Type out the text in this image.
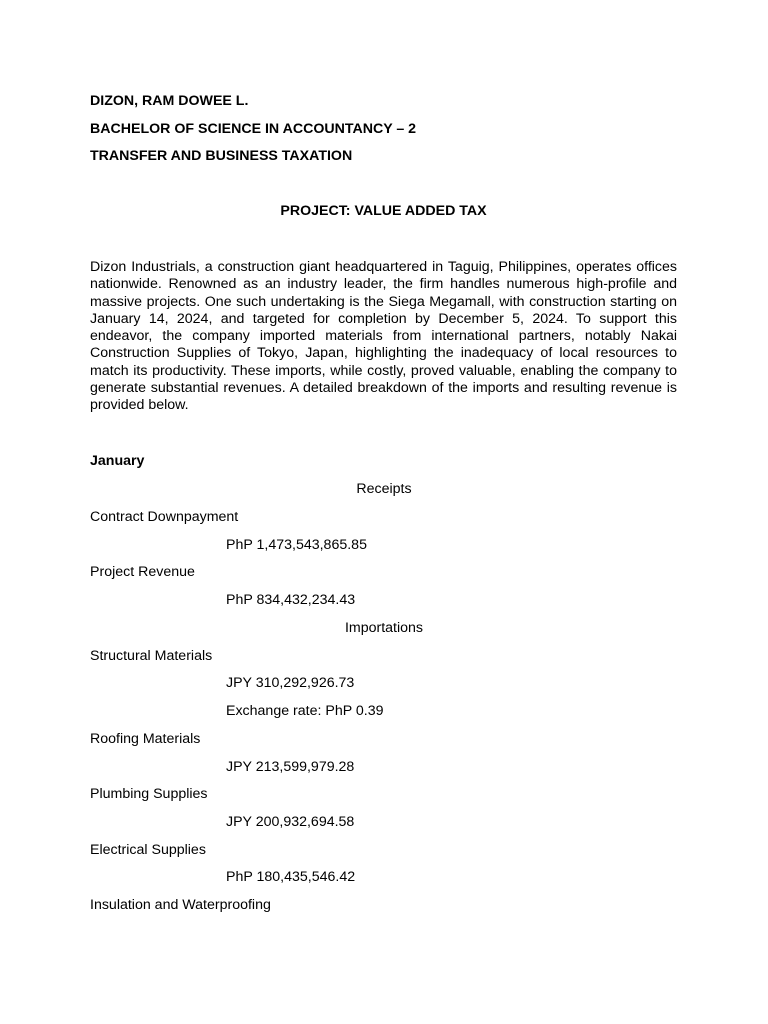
DIZON, RAM DOWEE L.
BACHELOR OF SCIENCE IN ACCOUNTANCY – 2
TRANSFER AND BUSINESS TAXATION
PROJECT: VALUE ADDED TAX
Dizon Industrials, a construction giant headquartered in Taguig, Philippines, operates offices nationwide. Renowned as an industry leader, the firm handles numerous high-profile and massive projects. One such undertaking is the Siega Megamall, with construction starting on January 14, 2024, and targeted for completion by December 5, 2024. To support this endeavor, the company imported materials from international partners, notably Nakai Construction Supplies of Tokyo, Japan, highlighting the inadequacy of local resources to match its productivity. These imports, while costly, proved valuable, enabling the company to generate substantial revenues. A detailed breakdown of the imports and resulting revenue is provided below.
January
Receipts
Contract Downpayment
PhP 1,473,543,865.85
Project Revenue
PhP 834,432,234.43
Importations
Structural Materials
JPY 310,292,926.73
Exchange rate: PhP 0.39
Roofing Materials
JPY 213,599,979.28
Plumbing Supplies
JPY 200,932,694.58
Electrical Supplies
PhP 180,435,546.42
Insulation and Waterproofing
